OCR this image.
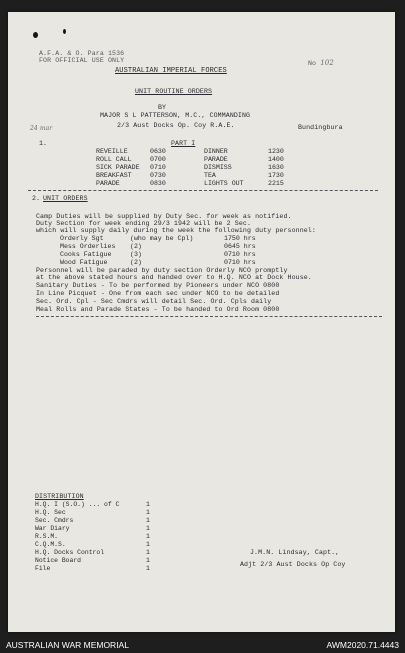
A.F.A. & O. Para 1536
FOR OFFICIAL USE ONLY	No 102
AUSTRALIAN IMPERIAL FORCES
UNIT ROUTINE ORDERS
BY
MAJOR S L PATTERSON, M.C., COMMANDING
2/3 Aust Docks Op. Coy R.A.E.
24 mar	Bundingbura
1.	PART I
REVEILLE	0630	DINNER	1230
ROLL CALL	0700	PARADE	1400
SICK PARADE	0710	DISMISS	1630
BREAKFAST	0730	TEA	1730
PARADE	0830	LIGHTS OUT	2215
2. UNIT ORDERS
Camp Duties will be supplied by Duty Sec. for week as notified.
Duty Section for week ending 29/3 1942 will be 2 Sec.
which will supply daily during the week the following duty personnel:
Orderly Sgt	(who may be Cpl)	1750 hrs
Mess Orderlies	(2)	0645 hrs
Cooks Fatigue	(3)	0710 hrs
Wood Fatigue	(2)	0710 hrs
Personnel will be paraded by duty section Orderly NCO promptly
at the above stated hours and handed over to H.Q. NCO at Dock House.
Sanitary Duties - To be performed by Pioneers under NCO 0800
In Line Picquet - One from each sec under NCO to be detailed
Sec. Ord. Cpl - Sec Cmdrs will detail Sec. Ord. Cpls daily
Meal Rolls and Parade States - To be handed to Ord Room 0800
DISTRIBUTION
H.Q. I (S.O.) ... of C	1
H.Q. Sec	1
Sec. Cmdrs	1
War Diary	1
R.S.M.	1
C.Q.M.S.	1
H.Q. Docks Control	1
Notice Board	1
File	1
J.M.N. Lindsay, Capt.,
Adjt 2/3 Aust Docks Op Coy
AUSTRALIAN WAR MEMORIAL	AWM2020.71.4443
